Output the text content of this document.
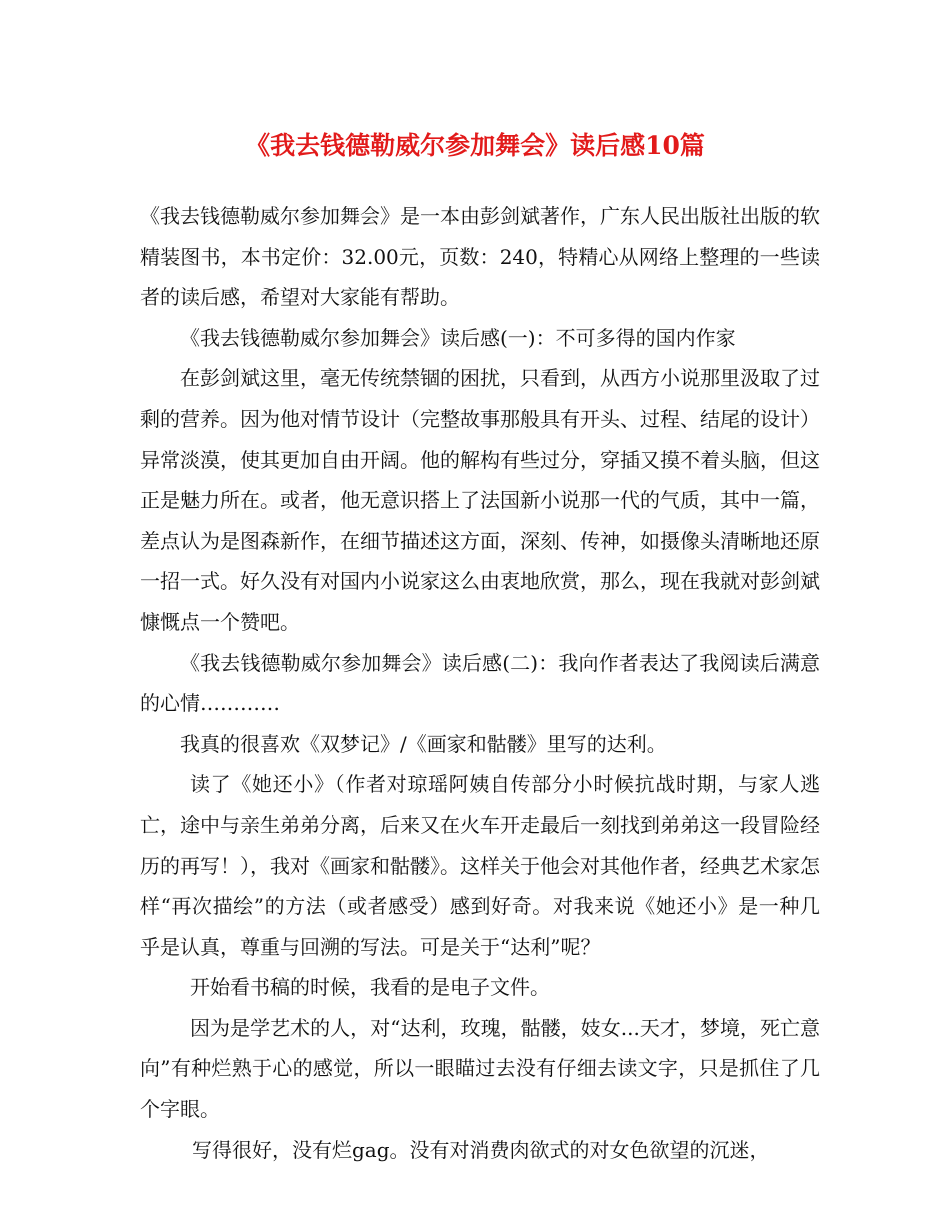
《我去钱德勒威尔参加舞会》读后感10篇

《我去钱德勒威尔参加舞会》是一本由彭剑斌著作，广东人民出版社出版的软精装图书，本书定价：32.00元，页数：240，特精心从网络上整理的一些读者的读后感，希望对大家能有帮助。

《我去钱德勒威尔参加舞会》读后感(一)：不可多得的国内作家

在彭剑斌这里，毫无传统禁锢的困扰，只看到，从西方小说那里汲取了过剩的营养。因为他对情节设计（完整故事那般具有开头、过程、结尾的设计）异常淡漠，使其更加自由开阔。他的解构有些过分，穿插又摸不着头脑，但这正是魅力所在。或者，他无意识搭上了法国新小说那一代的气质，其中一篇，差点认为是图森新作，在细节描述这方面，深刻、传神，如摄像头清晰地还原一招一式。好久没有对国内小说家这么由衷地欣赏，那么，现在我就对彭剑斌慷慨点一个赞吧。

《我去钱德勒威尔参加舞会》读后感(二)：我向作者表达了我阅读后满意的心情…………

我真的很喜欢《双梦记》/《画家和骷髅》里写的达利。

读了《她还小》（作者对琼瑶阿姨自传部分小时候抗战时期，与家人逃亡，途中与亲生弟弟分离，后来又在火车开走最后一刻找到弟弟这一段冒险经历的再写！），我对《画家和骷髅》。这样关于他会对其他作者，经典艺术家怎样“再次描绘”的方法（或者感受）感到好奇。对我来说《她还小》是一种几乎是认真，尊重与回溯的写法。可是关于“达利”呢？

开始看书稿的时候，我看的是电子文件。

因为是学艺术的人，对“达利，玫瑰，骷髅，妓女...天才，梦境，死亡意向”有种烂熟于心的感觉，所以一眼瞄过去没有仔细去读文字，只是抓住了几个字眼。

写得很好，没有烂gag。没有对消费肉欲式的对女色欲望的沉迷，
